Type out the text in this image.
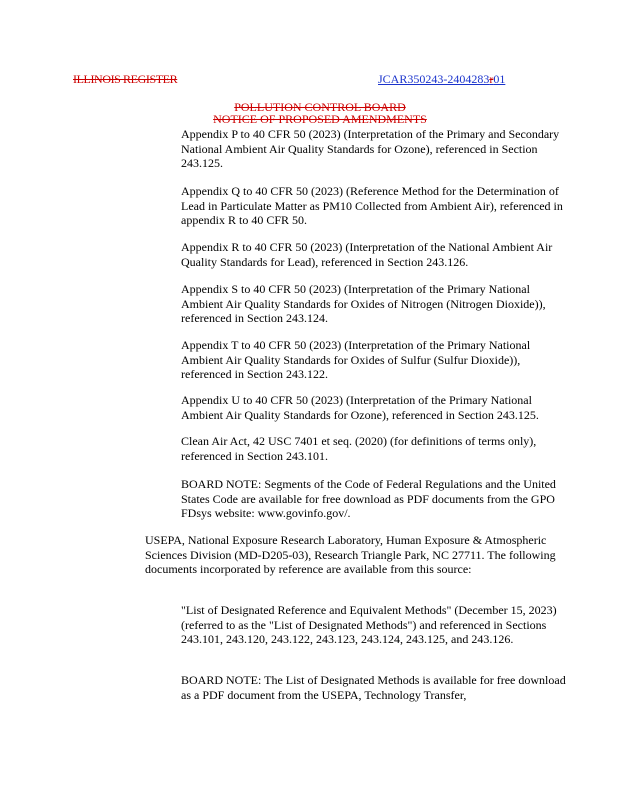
ILLINOIS REGISTER	JCAR350243-2404283r01
POLLUTION CONTROL BOARD
NOTICE OF PROPOSED AMENDMENTS

Appendix P to 40 CFR 50 (2023) (Interpretation of the Primary and Secondary National Ambient Air Quality Standards for Ozone), referenced in Section 243.125.

Appendix Q to 40 CFR 50 (2023) (Reference Method for the Determination of Lead in Particulate Matter as PM10 Collected from Ambient Air), referenced in appendix R to 40 CFR 50.

Appendix R to 40 CFR 50 (2023) (Interpretation of the National Ambient Air Quality Standards for Lead), referenced in Section 243.126.

Appendix S to 40 CFR 50 (2023) (Interpretation of the Primary National Ambient Air Quality Standards for Oxides of Nitrogen (Nitrogen Dioxide)), referenced in Section 243.124.

Appendix T to 40 CFR 50 (2023) (Interpretation of the Primary National Ambient Air Quality Standards for Oxides of Sulfur (Sulfur Dioxide)), referenced in Section 243.122.

Appendix U to 40 CFR 50 (2023) (Interpretation of the Primary National Ambient Air Quality Standards for Ozone), referenced in Section 243.125.

Clean Air Act, 42 USC 7401 et seq. (2020) (for definitions of terms only), referenced in Section 243.101.

BOARD NOTE: Segments of the Code of Federal Regulations and the United States Code are available for free download as PDF documents from the GPO FDsys website: www.govinfo.gov/.

USEPA, National Exposure Research Laboratory, Human Exposure & Atmospheric Sciences Division (MD-D205-03), Research Triangle Park, NC 27711. The following documents incorporated by reference are available from this source:

"List of Designated Reference and Equivalent Methods" (December 15, 2023) (referred to as the "List of Designated Methods") and referenced in Sections 243.101, 243.120, 243.122, 243.123, 243.124, 243.125, and 243.126.

BOARD NOTE: The List of Designated Methods is available for free download as a PDF document from the USEPA, Technology Transfer,
